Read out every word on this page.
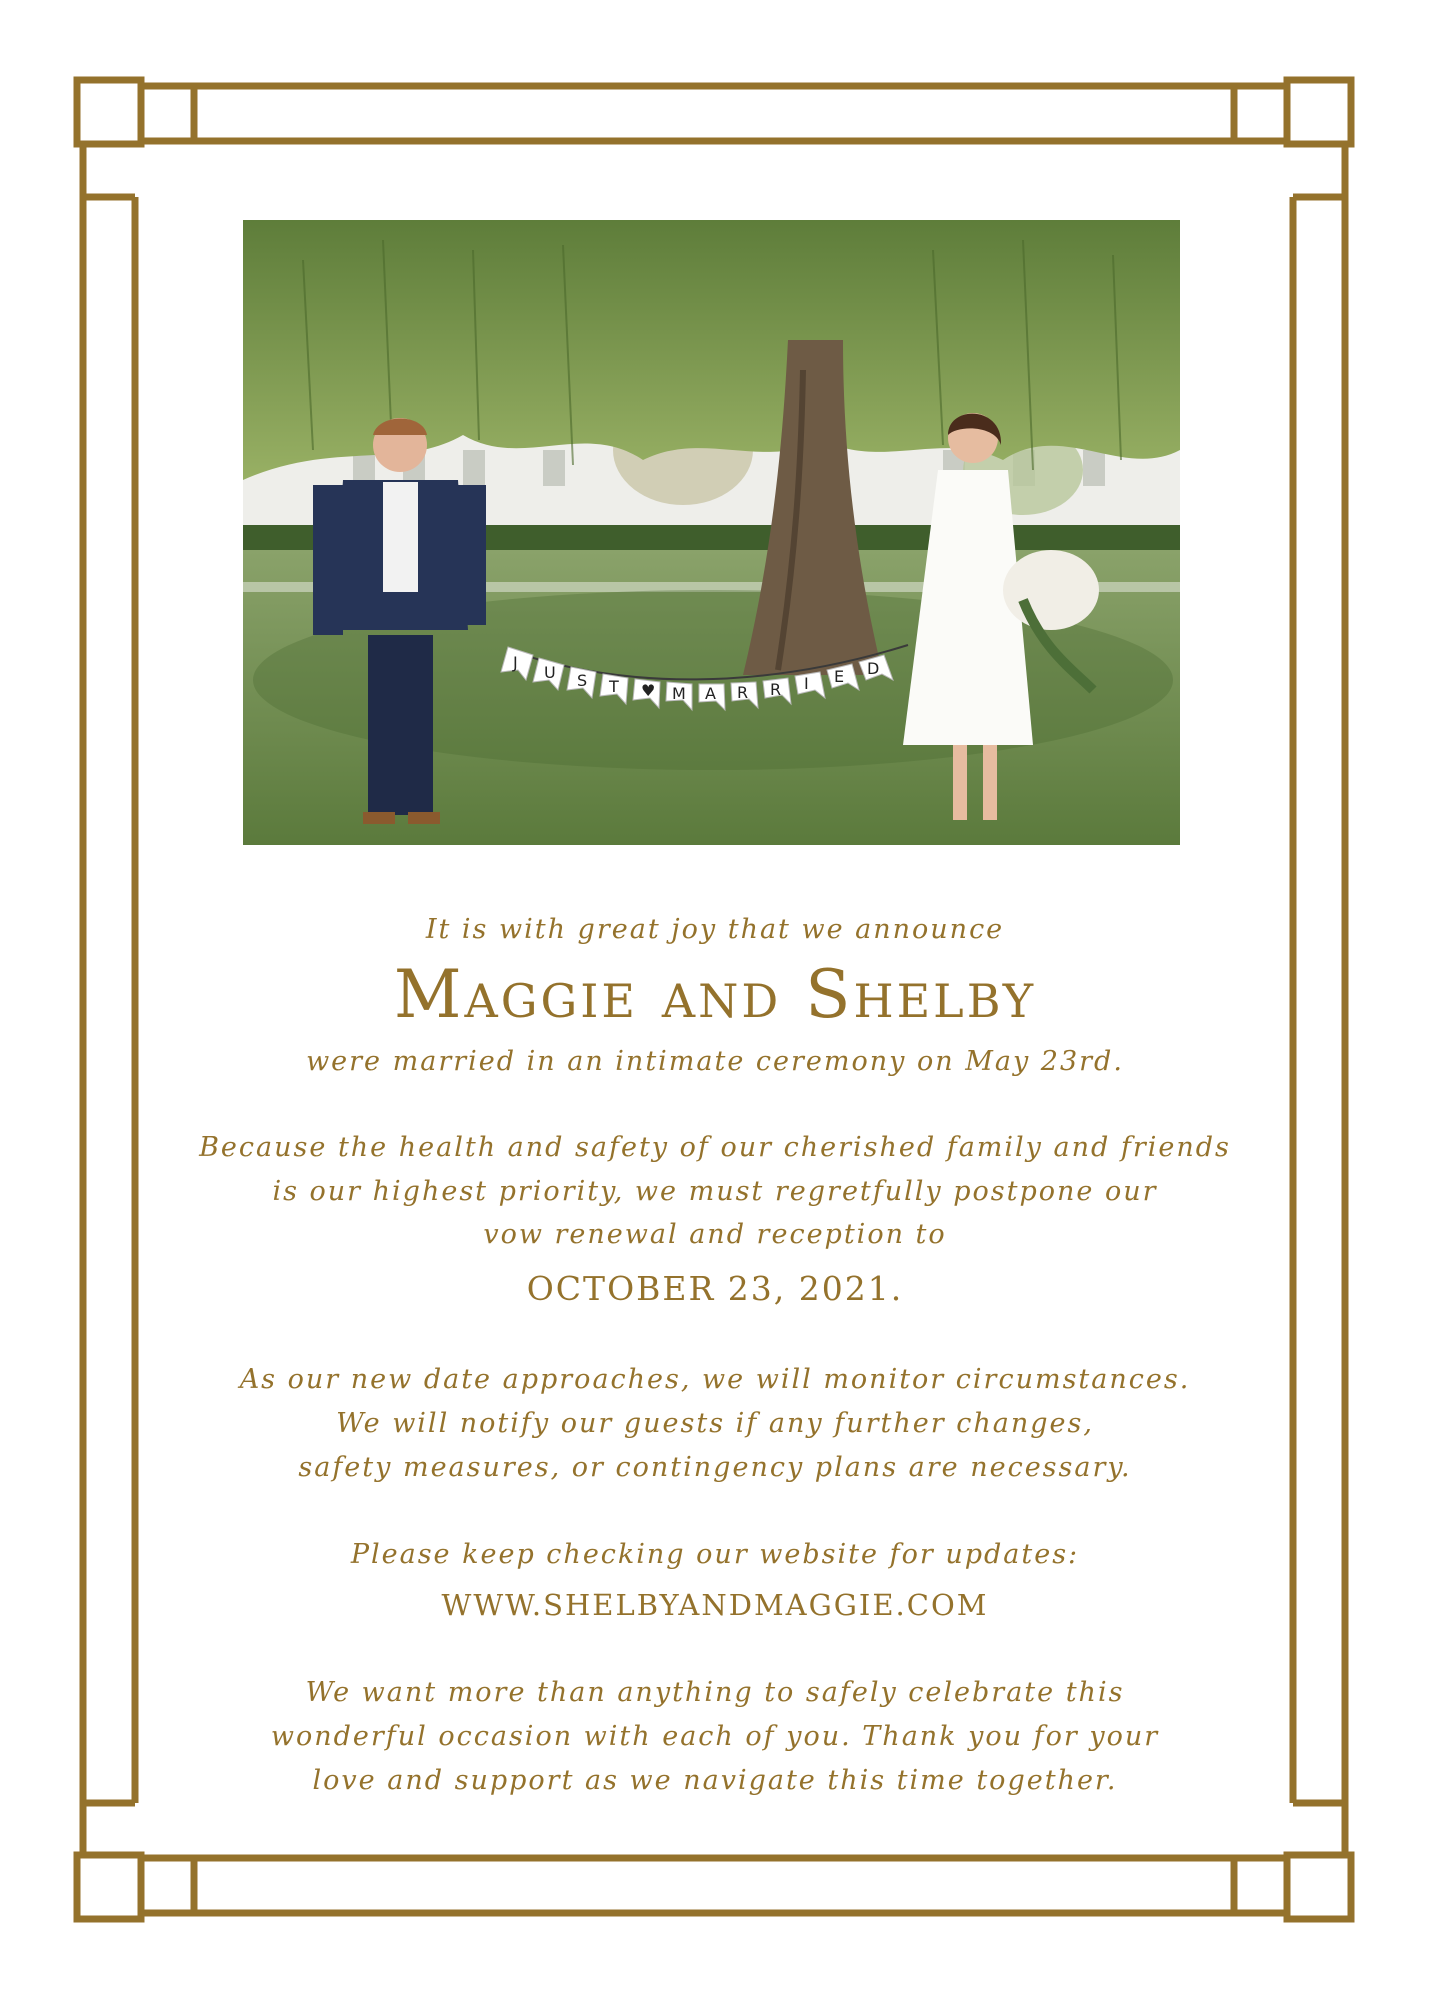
J
U S T ♥ M A R R I E D

It is with great joy that we announce

Maggie and Shelby

were married in an intimate ceremony on May 23rd.

Because the health and safety of our cherished family and friends

is our highest priority, we must regretfully postpone our

vow renewal and reception to

OCTOBER 23, 2021.

As our new date approaches, we will monitor circumstances.

We will notify our guests if any further changes,

safety measures, or contingency plans are necessary.

Please keep checking our website for updates:

WWW.SHELBYANDMAGGIE.COM

We want more than anything to safely celebrate this

wonderful occasion with each of you. Thank you for your

love and support as we navigate this time together.
